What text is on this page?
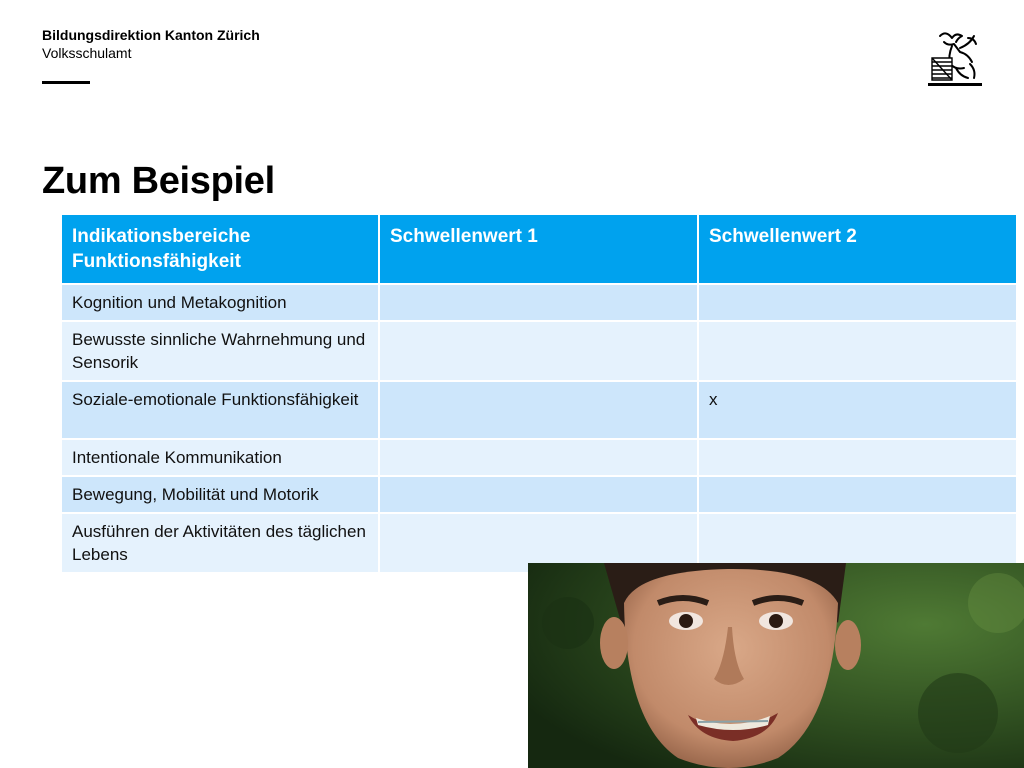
Bildungsdirektion Kanton Zürich
Volksschulamt
Zum Beispiel
Indikationsbereiche Funktionsfähigkeit	Schwellenwert 1	Schwellenwert 2
Kognition und Metakognition		
Bewusste sinnliche Wahrnehmung und Sensorik		
Soziale-emotionale Funktionsfähigkeit		x
Intentionale Kommunikation		
Bewegung, Mobilität und Motorik		
Ausführen der Aktivitäten des täglichen Lebens		
